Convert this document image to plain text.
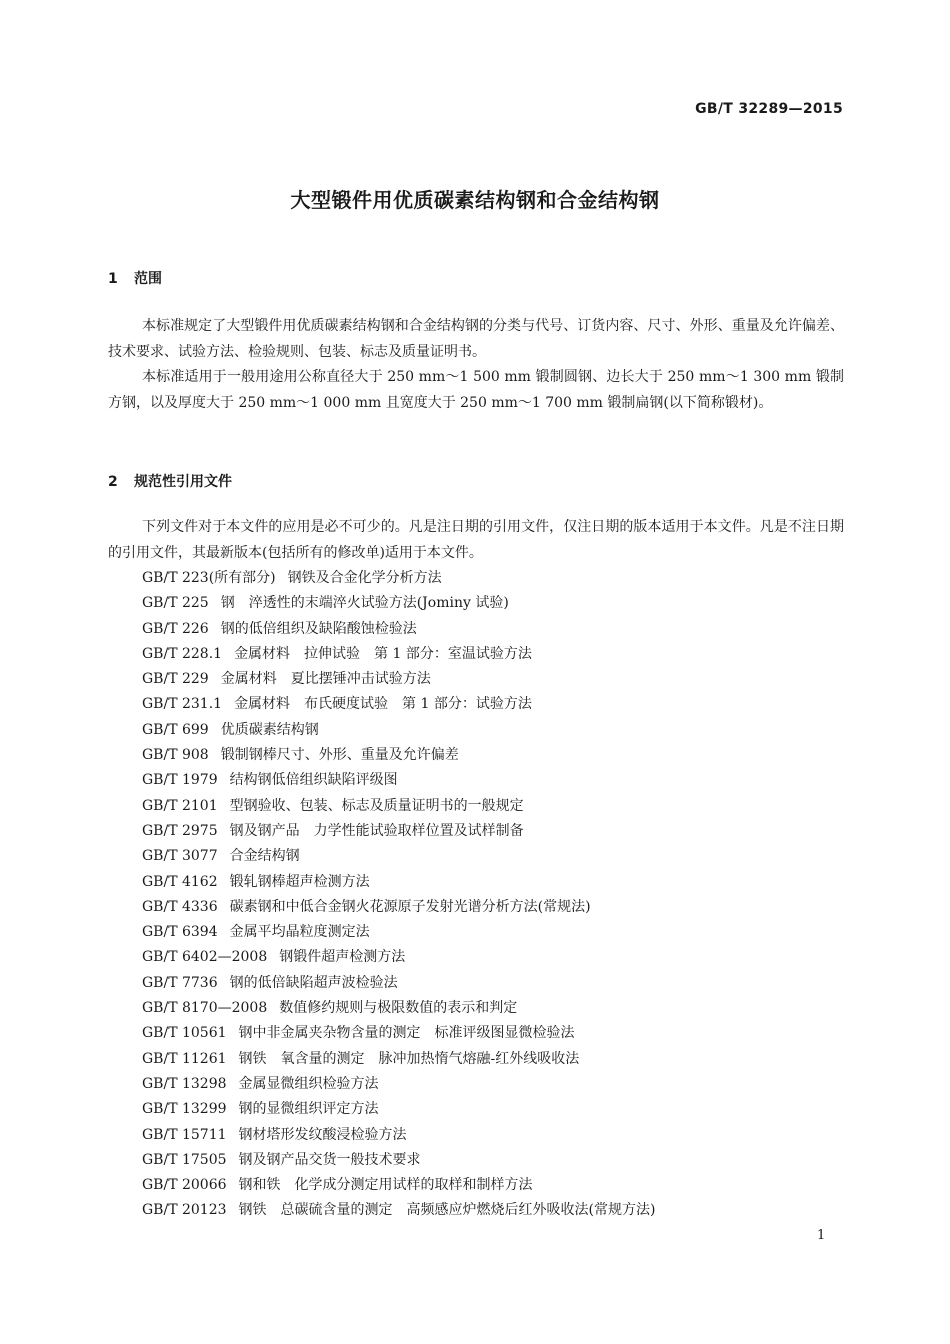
GB/T 32289—2015
大型锻件用优质碳素结构钢和合金结构钢
1 范围
本标准规定了大型锻件用优质碳素结构钢和合金结构钢的分类与代号、订货内容、尺寸、外形、重量及允许偏差、技术要求、试验方法、检验规则、包装、标志及质量证明书。
本标准适用于一般用途用公称直径大于 250 mm～1 500 mm 锻制圆钢、边长大于 250 mm～1 300 mm 锻制方钢，以及厚度大于 250 mm～1 000 mm 且宽度大于 250 mm～1 700 mm 锻制扁钢(以下简称锻材)。
2 规范性引用文件
下列文件对于本文件的应用是必不可少的。凡是注日期的引用文件，仅注日期的版本适用于本文件。凡是不注日期的引用文件，其最新版本(包括所有的修改单)适用于本文件。
GB/T 223(所有部分) 钢铁及合金化学分析方法
GB/T 225 钢　淬透性的末端淬火试验方法(Jominy 试验)
GB/T 226 钢的低倍组织及缺陷酸蚀检验法
GB/T 228.1 金属材料　拉伸试验　第 1 部分：室温试验方法
GB/T 229 金属材料　夏比摆锤冲击试验方法
GB/T 231.1 金属材料　布氏硬度试验　第 1 部分：试验方法
GB/T 699 优质碳素结构钢
GB/T 908 锻制钢棒尺寸、外形、重量及允许偏差
GB/T 1979 结构钢低倍组织缺陷评级图
GB/T 2101 型钢验收、包装、标志及质量证明书的一般规定
GB/T 2975 钢及钢产品　力学性能试验取样位置及试样制备
GB/T 3077 合金结构钢
GB/T 4162 锻轧钢棒超声检测方法
GB/T 4336 碳素钢和中低合金钢火花源原子发射光谱分析方法(常规法)
GB/T 6394 金属平均晶粒度测定法
GB/T 6402—2008 钢锻件超声检测方法
GB/T 7736 钢的低倍缺陷超声波检验法
GB/T 8170—2008 数值修约规则与极限数值的表示和判定
GB/T 10561 钢中非金属夹杂物含量的测定　标准评级图显微检验法
GB/T 11261 钢铁　氧含量的测定　脉冲加热惰气熔融-红外线吸收法
GB/T 13298 金属显微组织检验方法
GB/T 13299 钢的显微组织评定方法
GB/T 15711 钢材塔形发纹酸浸检验方法
GB/T 17505 钢及钢产品交货一般技术要求
GB/T 20066 钢和铁　化学成分测定用试样的取样和制样方法
GB/T 20123 钢铁　总碳硫含量的测定　高频感应炉燃烧后红外吸收法(常规方法)
1
